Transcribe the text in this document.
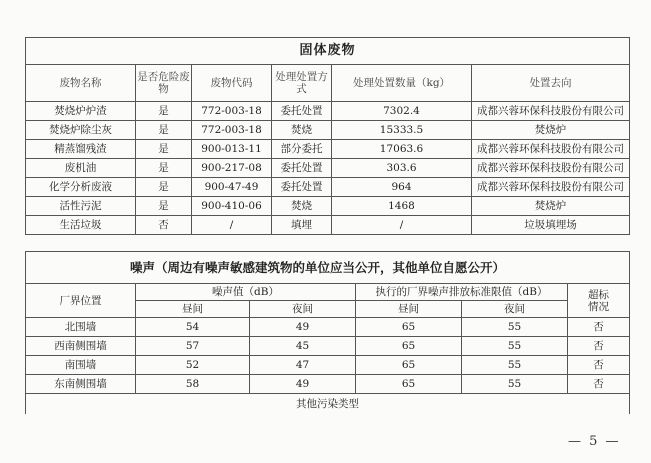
固体废物					
废物名称	是否危险废物	废物代码	处理处置方式	处理处置数量（kg）	处置去向
焚烧炉炉渣	是	772-003-18	委托处置	7302.4	成都兴蓉环保科技股份有限公司
焚烧炉除尘灰	是	772-003-18	焚烧	15333.5	焚烧炉
精蒸馏残渣	是	900-013-11	部分委托	17063.6	成都兴蓉环保科技股份有限公司
废机油	是	900-217-08	委托处置	303.6	成都兴蓉环保科技股份有限公司
化学分析废液	是	900-47-49	委托处置	964	成都兴蓉环保科技股份有限公司
活性污泥	是	900-410-06	焚烧	1468	焚烧炉
生活垃圾	否	/	填埋	/	垃圾填埋场
噪声（周边有噪声敏感建筑物的单位应当公开，其他单位自愿公开）					
厂界位置	噪声值（dB）		执行的厂界噪声排放标准限值（dB）		超标情况
	昼间	夜间	昼间	夜间	
北围墙	54	49	65	55	否
西南侧围墙	57	45	65	55	否
南围墙	52	47	65	55	否
东南侧围墙	58	49	65	55	否
其他污染类型					
— 5 —
